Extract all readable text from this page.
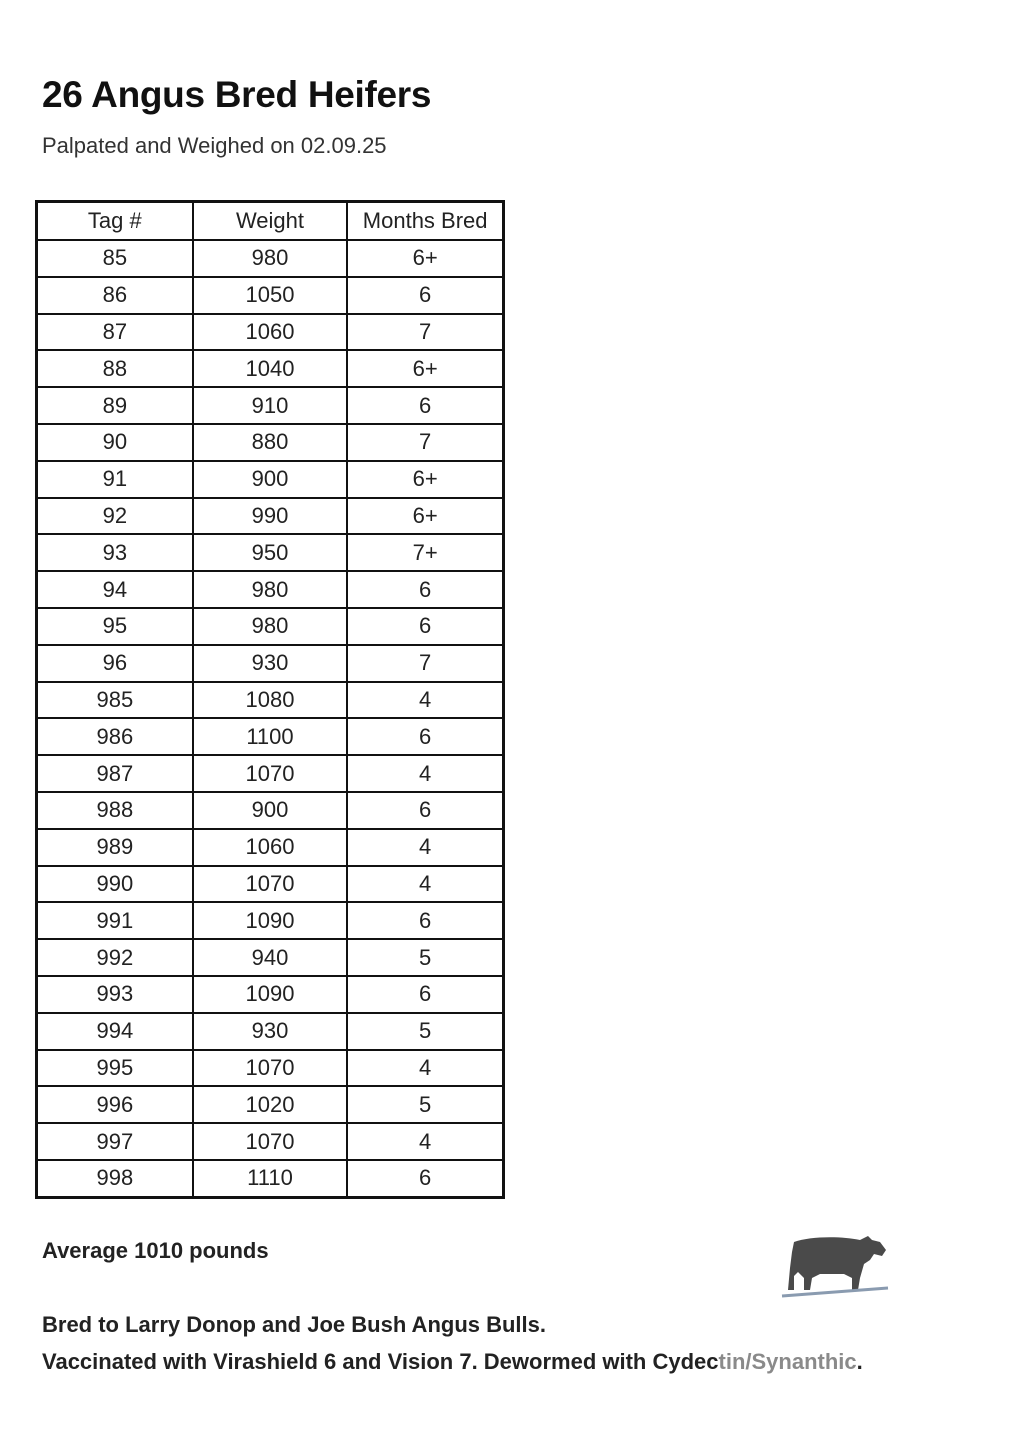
26 Angus Bred Heifers

Palpated and Weighed on 02.09.25

Tag #	Weight	Months Bred
85	980	6+
86	1050	6
87	1060	7
88	1040	6+
89	910	6
90	880	7
91	900	6+
92	990	6+
93	950	7+
94	980	6
95	980	6
96	930	7
985	1080	4
986	1100	6
987	1070	4
988	900	6
989	1060	4
990	1070	4
991	1090	6
992	940	5
993	1090	6
994	930	5
995	1070	4
996	1020	5
997	1070	4
998	1110	6
Average 1010 pounds
Bred to Larry Donop and Joe Bush Angus Bulls.
Vaccinated with Virashield 6 and Vision 7. Dewormed with Cydectin/Synanthic.
